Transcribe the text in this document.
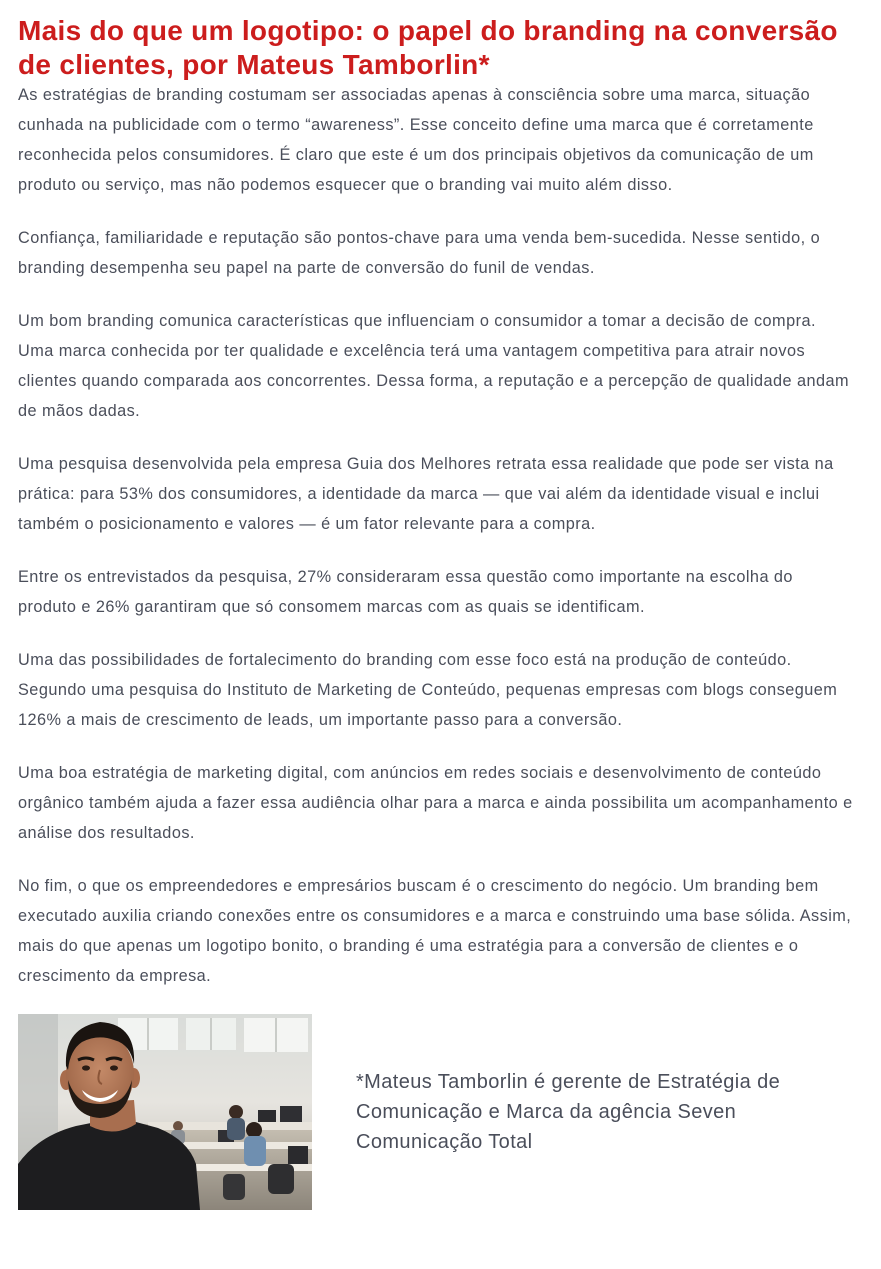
Mais do que um logotipo: o papel do branding na conversão de clientes, por Mateus Tamborlin*

As estratégias de branding costumam ser associadas apenas à consciência sobre uma marca, situação cunhada na publicidade com o termo “awareness”. Esse conceito define uma marca que é corretamente reconhecida pelos consumidores. É claro que este é um dos principais objetivos da comunicação de um produto ou serviço, mas não podemos esquecer que o branding vai muito além disso.

Confiança, familiaridade e reputação são pontos-chave para uma venda bem-sucedida. Nesse sentido, o branding desempenha seu papel na parte de conversão do funil de vendas.

Um bom branding comunica características que influenciam o consumidor a tomar a decisão de compra. Uma marca conhecida por ter qualidade e excelência terá uma vantagem competitiva para atrair novos clientes quando comparada aos concorrentes. Dessa forma, a reputação e a percepção de qualidade andam de mãos dadas.

Uma pesquisa desenvolvida pela empresa Guia dos Melhores retrata essa realidade que pode ser vista na prática: para 53% dos consumidores, a identidade da marca — que vai além da identidade visual e inclui também o posicionamento e valores — é um fator relevante para a compra.

Entre os entrevistados da pesquisa, 27% consideraram essa questão como importante na escolha do produto e 26% garantiram que só consomem marcas com as quais se identificam.

Uma das possibilidades de fortalecimento do branding com esse foco está na produção de conteúdo. Segundo uma pesquisa do Instituto de Marketing de Conteúdo, pequenas empresas com blogs conseguem 126% a mais de crescimento de leads, um importante passo para a conversão.

Uma boa estratégia de marketing digital, com anúncios em redes sociais e desenvolvimento de conteúdo orgânico também ajuda a fazer essa audiência olhar para a marca e ainda possibilita um acompanhamento e análise dos resultados.

No fim, o que os empreendedores e empresários buscam é o crescimento do negócio. Um branding bem executado auxilia criando conexões entre os consumidores e a marca e construindo uma base sólida. Assim, mais do que apenas um logotipo bonito, o branding é uma estratégia para a conversão de clientes e o crescimento da empresa.

*Mateus Tamborlin é gerente de Estratégia de Comunicação e Marca da agência Seven Comunicação Total
